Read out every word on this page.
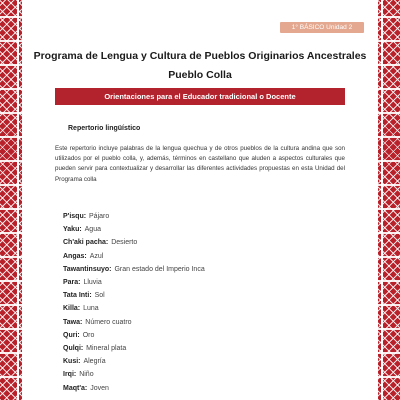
1° BÁSICO Unidad 2
Programa de Lengua y Cultura de Pueblos Originarios Ancestrales
Pueblo Colla
Orientaciones para el Educador tradicional o Docente
Repertorio lingüístico

Este repertorio incluye palabras de la lengua quechua y de otros pueblos de la cultura andina que son utilizados por el pueblo colla, y, además, términos en castellano que aluden a aspectos culturales que pueden servir para contextualizar y desarrollar las diferentes actividades propuestas en esta Unidad del Programa colla

P'isqu: Pájaro
Yaku: Agua
Ch'aki pacha: Desierto
Angas: Azul
Tawantinsuyo: Gran estado del Imperio Inca
Para: Lluvia
Tata Inti: Sol
Killa: Luna
Tawa: Número cuatro
Quri: Oro
Qulqi: Mineral plata
Kusi: Alegría
Irqi: Niño
Maqt'a: Joven
